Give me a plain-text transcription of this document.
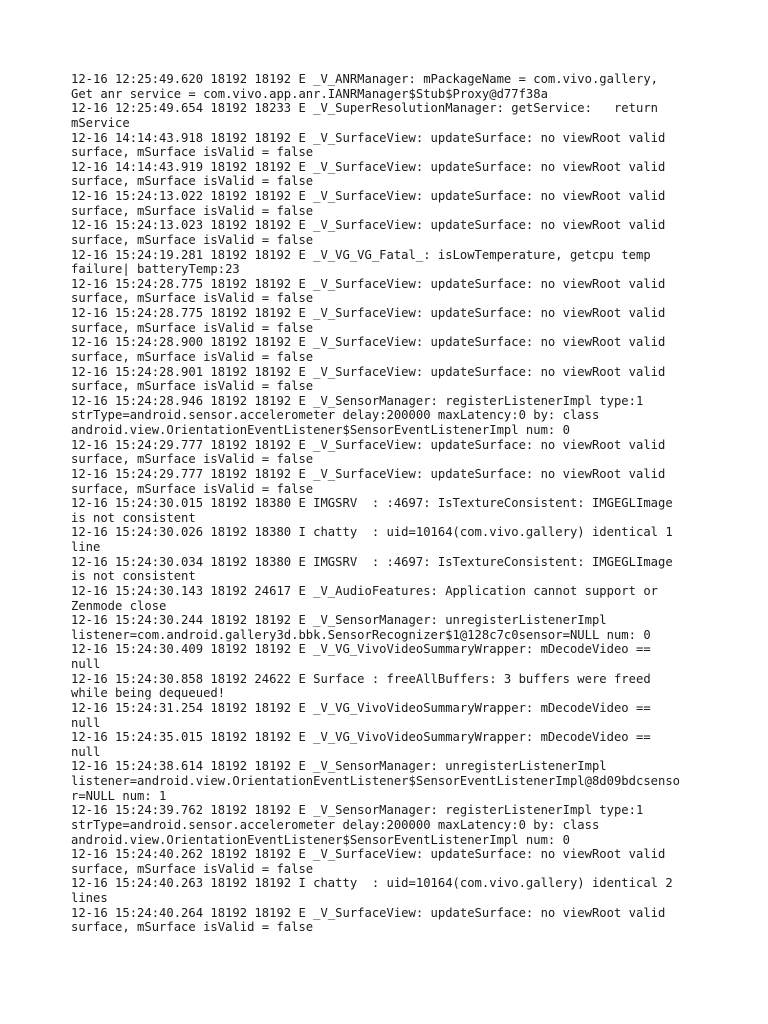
12-16 12:25:49.620 18192 18192 E _V_ANRManager: mPackageName = com.vivo.gallery,
Get anr service = com.vivo.app.anr.IANRManager$Stub$Proxy@d77f38a
12-16 12:25:49.654 18192 18233 E _V_SuperResolutionManager: getService:   return
mService
12-16 14:14:43.918 18192 18192 E _V_SurfaceView: updateSurface: no viewRoot valid
surface, mSurface isValid = false
12-16 14:14:43.919 18192 18192 E _V_SurfaceView: updateSurface: no viewRoot valid
surface, mSurface isValid = false
12-16 15:24:13.022 18192 18192 E _V_SurfaceView: updateSurface: no viewRoot valid
surface, mSurface isValid = false
12-16 15:24:13.023 18192 18192 E _V_SurfaceView: updateSurface: no viewRoot valid
surface, mSurface isValid = false
12-16 15:24:19.281 18192 18192 E _V_VG_VG_Fatal_: isLowTemperature, getcpu temp
failure| batteryTemp:23
12-16 15:24:28.775 18192 18192 E _V_SurfaceView: updateSurface: no viewRoot valid
surface, mSurface isValid = false
12-16 15:24:28.775 18192 18192 E _V_SurfaceView: updateSurface: no viewRoot valid
surface, mSurface isValid = false
12-16 15:24:28.900 18192 18192 E _V_SurfaceView: updateSurface: no viewRoot valid
surface, mSurface isValid = false
12-16 15:24:28.901 18192 18192 E _V_SurfaceView: updateSurface: no viewRoot valid
surface, mSurface isValid = false
12-16 15:24:28.946 18192 18192 E _V_SensorManager: registerListenerImpl type:1
strType=android.sensor.accelerometer delay:200000 maxLatency:0 by: class
android.view.OrientationEventListener$SensorEventListenerImpl num: 0
12-16 15:24:29.777 18192 18192 E _V_SurfaceView: updateSurface: no viewRoot valid
surface, mSurface isValid = false
12-16 15:24:29.777 18192 18192 E _V_SurfaceView: updateSurface: no viewRoot valid
surface, mSurface isValid = false
12-16 15:24:30.015 18192 18380 E IMGSRV  : :4697: IsTextureConsistent: IMGEGLImage
is not consistent
12-16 15:24:30.026 18192 18380 I chatty  : uid=10164(com.vivo.gallery) identical 1
line
12-16 15:24:30.034 18192 18380 E IMGSRV  : :4697: IsTextureConsistent: IMGEGLImage
is not consistent
12-16 15:24:30.143 18192 24617 E _V_AudioFeatures: Application cannot support or
Zenmode close
12-16 15:24:30.244 18192 18192 E _V_SensorManager: unregisterListenerImpl
listener=com.android.gallery3d.bbk.SensorRecognizer$1@128c7c0sensor=NULL num: 0
12-16 15:24:30.409 18192 18192 E _V_VG_VivoVideoSummaryWrapper: mDecodeVideo ==
null
12-16 15:24:30.858 18192 24622 E Surface : freeAllBuffers: 3 buffers were freed
while being dequeued!
12-16 15:24:31.254 18192 18192 E _V_VG_VivoVideoSummaryWrapper: mDecodeVideo ==
null
12-16 15:24:35.015 18192 18192 E _V_VG_VivoVideoSummaryWrapper: mDecodeVideo ==
null
12-16 15:24:38.614 18192 18192 E _V_SensorManager: unregisterListenerImpl
listener=android.view.OrientationEventListener$SensorEventListenerImpl@8d09bdcsenso
r=NULL num: 1
12-16 15:24:39.762 18192 18192 E _V_SensorManager: registerListenerImpl type:1
strType=android.sensor.accelerometer delay:200000 maxLatency:0 by: class
android.view.OrientationEventListener$SensorEventListenerImpl num: 0
12-16 15:24:40.262 18192 18192 E _V_SurfaceView: updateSurface: no viewRoot valid
surface, mSurface isValid = false
12-16 15:24:40.263 18192 18192 I chatty  : uid=10164(com.vivo.gallery) identical 2
lines
12-16 15:24:40.264 18192 18192 E _V_SurfaceView: updateSurface: no viewRoot valid
surface, mSurface isValid = false
